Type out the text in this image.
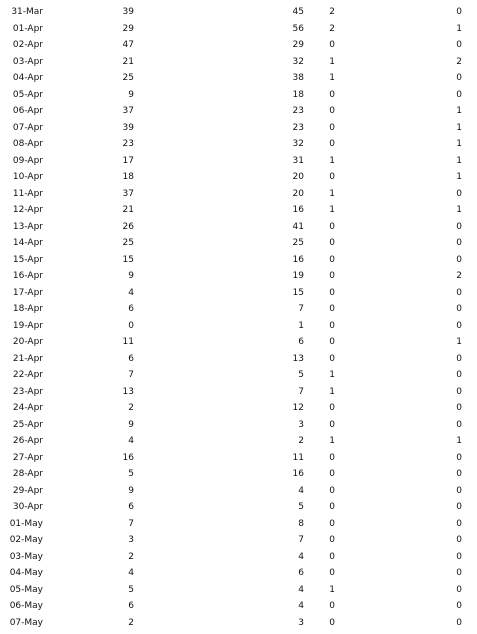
31-Mar	39	45	2	0
01-Apr	29	56	2	1
02-Apr	47	29	0	0
03-Apr	21	32	1	2
04-Apr	25	38	1	0
05-Apr	9	18	0	0
06-Apr	37	23	0	1
07-Apr	39	23	0	1
08-Apr	23	32	0	1
09-Apr	17	31	1	1
10-Apr	18	20	0	1
11-Apr	37	20	1	0
12-Apr	21	16	1	1
13-Apr	26	41	0	0
14-Apr	25	25	0	0
15-Apr	15	16	0	0
16-Apr	9	19	0	2
17-Apr	4	15	0	0
18-Apr	6	7	0	0
19-Apr	0	1	0	0
20-Apr	11	6	0	1
21-Apr	6	13	0	0
22-Apr	7	5	1	0
23-Apr	13	7	1	0
24-Apr	2	12	0	0
25-Apr	9	3	0	0
26-Apr	4	2	1	1
27-Apr	16	11	0	0
28-Apr	5	16	0	0
29-Apr	9	4	0	0
30-Apr	6	5	0	0
01-May	7	8	0	0
02-May	3	7	0	0
03-May	2	4	0	0
04-May	4	6	0	0
05-May	5	4	1	0
06-May	6	4	0	0
07-May	2	3	0	0
